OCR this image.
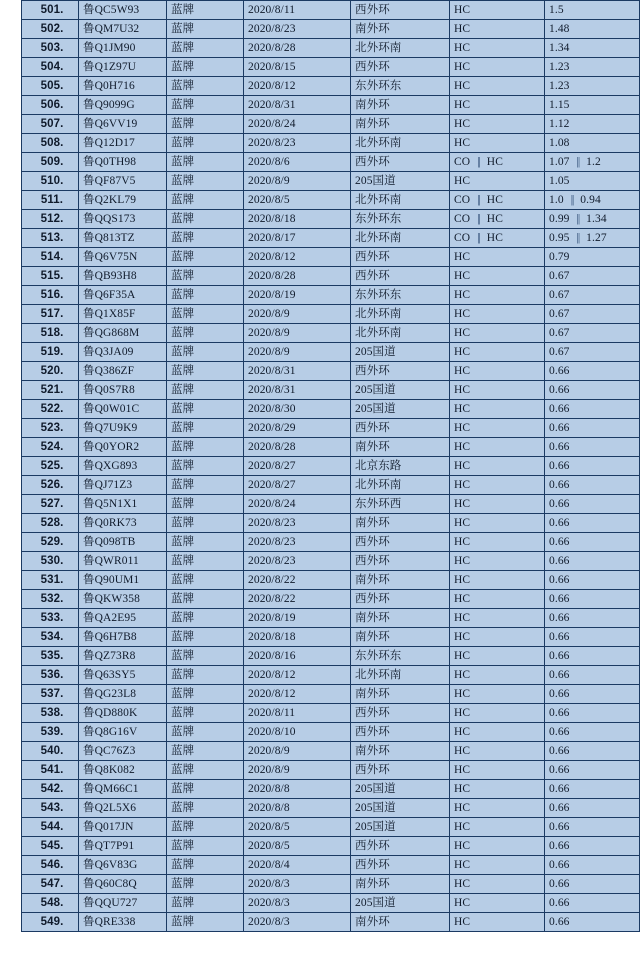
501.	鲁QC5W93	蓝牌	2020/8/11	西外环	HC	1.5
502.	鲁QM7U32	蓝牌	2020/8/23	南外环	HC	1.48
503.	鲁Q1JM90	蓝牌	2020/8/28	北外环南	HC	1.34
504.	鲁Q1Z97U	蓝牌	2020/8/15	西外环	HC	1.23
505.	鲁Q0H716	蓝牌	2020/8/12	东外环东	HC	1.23
506.	鲁Q9099G	蓝牌	2020/8/31	南外环	HC	1.15
507.	鲁Q6VV19	蓝牌	2020/8/24	南外环	HC	1.12
508.	鲁Q12D17	蓝牌	2020/8/23	北外环南	HC	1.08
509.	鲁Q0TH98	蓝牌	2020/8/6	西外环	CO || HC	1.07 || 1.2
510.	鲁QF87V5	蓝牌	2020/8/9	205国道	HC	1.05
511.	鲁Q2KL79	蓝牌	2020/8/5	北外环南	CO || HC	1.0 || 0.94
512.	鲁QQS173	蓝牌	2020/8/18	东外环东	CO || HC	0.99 || 1.34
513.	鲁Q813TZ	蓝牌	2020/8/17	北外环南	CO || HC	0.95 || 1.27
514.	鲁Q6V75N	蓝牌	2020/8/12	西外环	HC	0.79
515.	鲁QB93H8	蓝牌	2020/8/28	西外环	HC	0.67
516.	鲁Q6F35A	蓝牌	2020/8/19	东外环东	HC	0.67
517.	鲁Q1X85F	蓝牌	2020/8/9	北外环南	HC	0.67
518.	鲁QG868M	蓝牌	2020/8/9	北外环南	HC	0.67
519.	鲁Q3JA09	蓝牌	2020/8/9	205国道	HC	0.67
520.	鲁Q386ZF	蓝牌	2020/8/31	西外环	HC	0.66
521.	鲁Q0S7R8	蓝牌	2020/8/31	205国道	HC	0.66
522.	鲁Q0W01C	蓝牌	2020/8/30	205国道	HC	0.66
523.	鲁Q7U9K9	蓝牌	2020/8/29	西外环	HC	0.66
524.	鲁Q0YOR2	蓝牌	2020/8/28	南外环	HC	0.66
525.	鲁QXG893	蓝牌	2020/8/27	北京东路	HC	0.66
526.	鲁QJ71Z3	蓝牌	2020/8/27	北外环南	HC	0.66
527.	鲁Q5N1X1	蓝牌	2020/8/24	东外环西	HC	0.66
528.	鲁Q0RK73	蓝牌	2020/8/23	南外环	HC	0.66
529.	鲁Q098TB	蓝牌	2020/8/23	西外环	HC	0.66
530.	鲁QWR011	蓝牌	2020/8/23	西外环	HC	0.66
531.	鲁Q90UM1	蓝牌	2020/8/22	南外环	HC	0.66
532.	鲁QKW358	蓝牌	2020/8/22	西外环	HC	0.66
533.	鲁QA2E95	蓝牌	2020/8/19	南外环	HC	0.66
534.	鲁Q6H7B8	蓝牌	2020/8/18	南外环	HC	0.66
535.	鲁QZ73R8	蓝牌	2020/8/16	东外环东	HC	0.66
536.	鲁Q63SY5	蓝牌	2020/8/12	北外环南	HC	0.66
537.	鲁QG23L8	蓝牌	2020/8/12	南外环	HC	0.66
538.	鲁QD880K	蓝牌	2020/8/11	西外环	HC	0.66
539.	鲁Q8G16V	蓝牌	2020/8/10	西外环	HC	0.66
540.	鲁QC76Z3	蓝牌	2020/8/9	南外环	HC	0.66
541.	鲁Q8K082	蓝牌	2020/8/9	西外环	HC	0.66
542.	鲁QM66C1	蓝牌	2020/8/8	205国道	HC	0.66
543.	鲁Q2L5X6	蓝牌	2020/8/8	205国道	HC	0.66
544.	鲁Q017JN	蓝牌	2020/8/5	205国道	HC	0.66
545.	鲁QT7P91	蓝牌	2020/8/5	西外环	HC	0.66
546.	鲁Q6V83G	蓝牌	2020/8/4	西外环	HC	0.66
547.	鲁Q60C8Q	蓝牌	2020/8/3	南外环	HC	0.66
548.	鲁QQU727	蓝牌	2020/8/3	205国道	HC	0.66
549.	鲁QRE338	蓝牌	2020/8/3	南外环	HC	0.66
